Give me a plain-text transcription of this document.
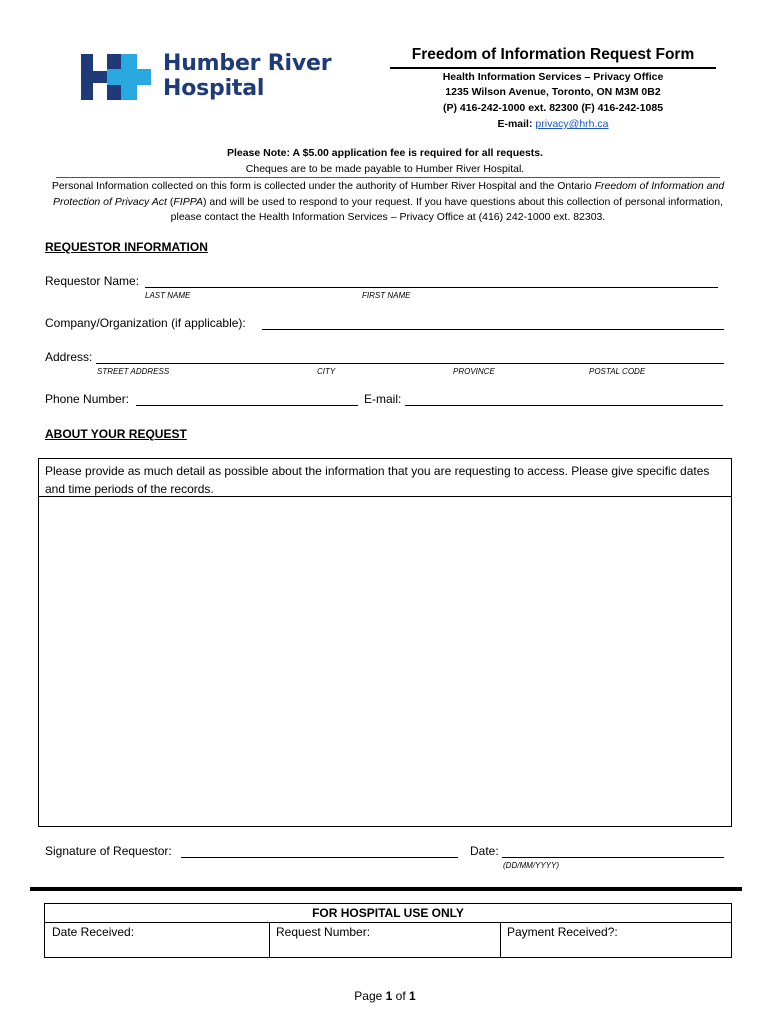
Humber River
Hospital
Freedom of Information Request Form
Health Information Services – Privacy Office
1235 Wilson Avenue, Toronto, ON M3M 0B2
(P) 416-242-1000 ext. 82300 (F) 416-242-1085
E-mail: privacy@hrh.ca
Please Note: A $5.00 application fee is required for all requests.
Cheques are to be made payable to Humber River Hospital.
Personal Information collected on this form is collected under the authority of Humber River Hospital and the Ontario Freedom of Information and Protection of Privacy Act (FIPPA) and will be used to respond to your request. If you have questions about this collection of personal information, please contact the Health Information Services – Privacy Office at (416) 242-1000 ext. 82303.
REQUESTOR INFORMATION
Requestor Name:
LAST NAME	FIRST NAME
Company/Organization (if applicable):
Address:
STREET ADDRESS	CITY	PROVINCE	POSTAL CODE
Phone Number:	E-mail:
ABOUT YOUR REQUEST
Please provide as much detail as possible about the information that you are requesting to access. Please give specific dates and time periods of the records.
Signature of Requestor:	Date:
(DD/MM/YYYY)
FOR HOSPITAL USE ONLY
Date Received:	Request Number:	Payment Received?:
Page 1 of 1
